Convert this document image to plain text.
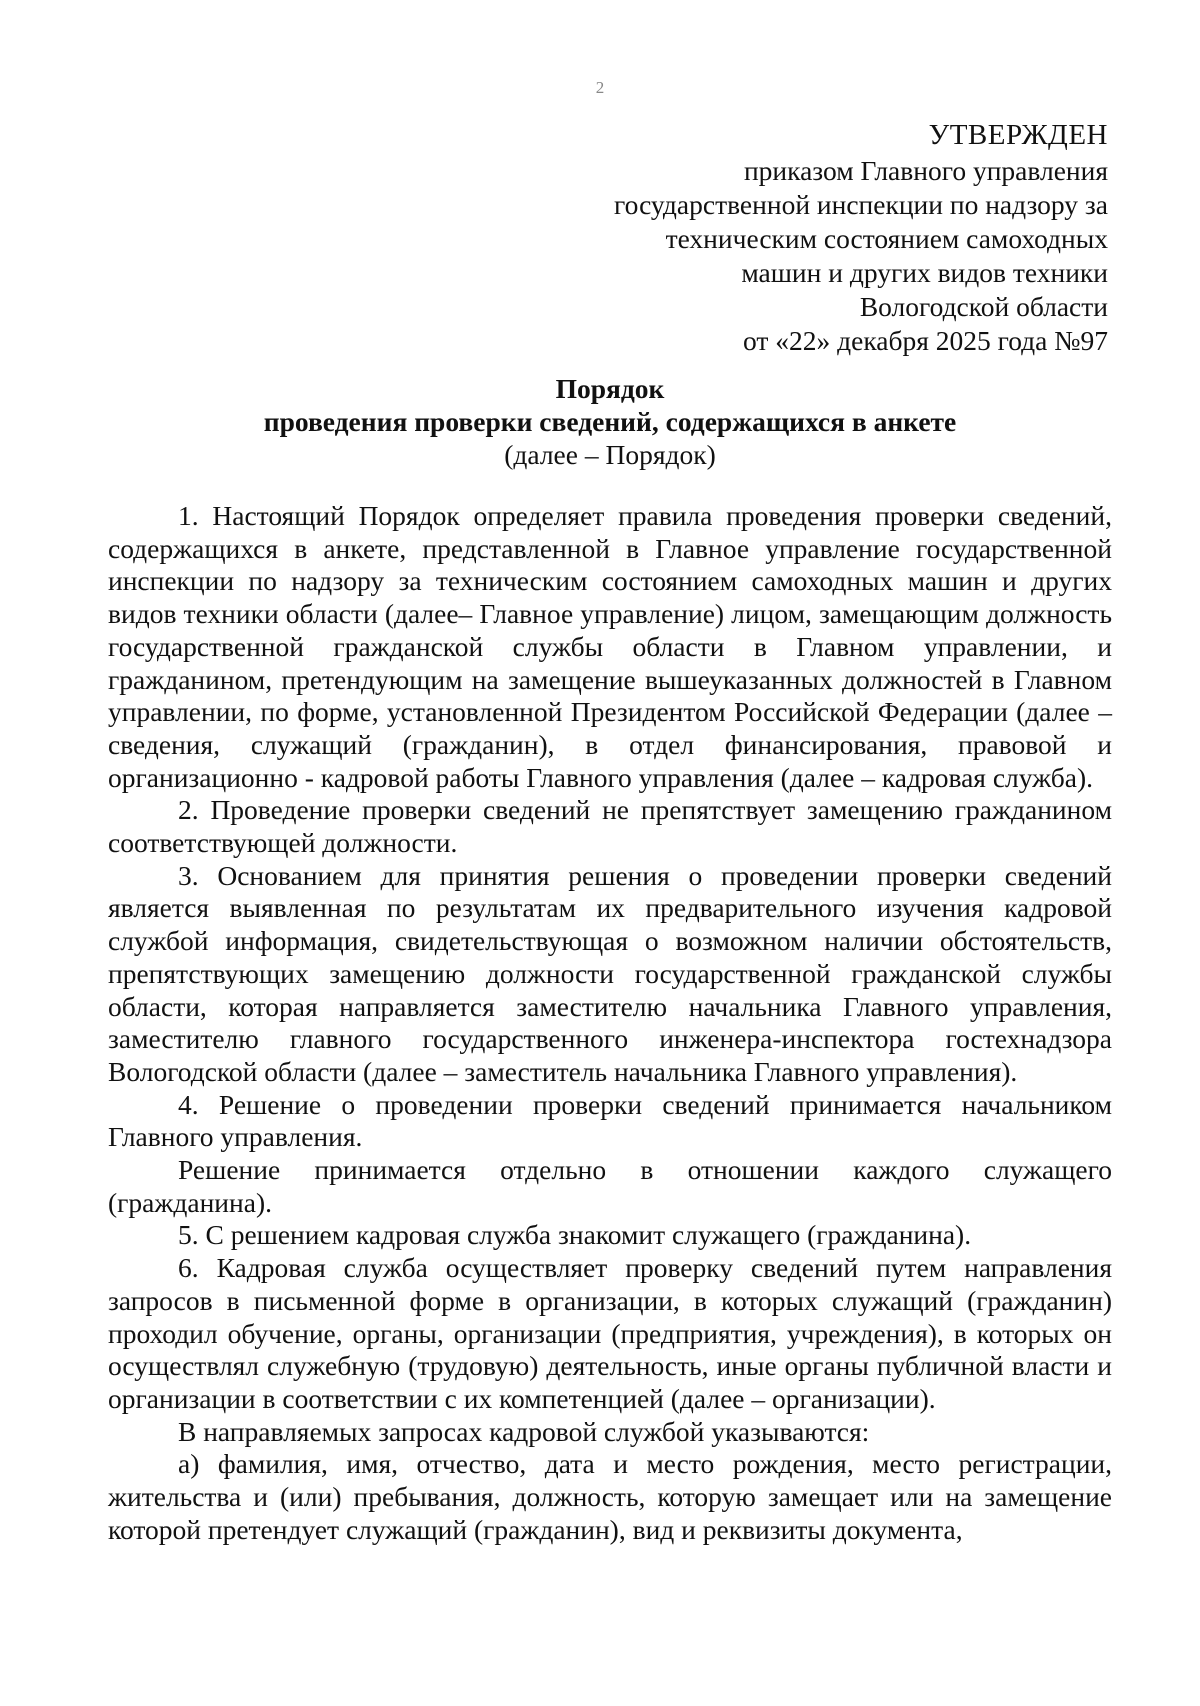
2
УТВЕРЖДЕН
приказом Главного управления
государственной инспекции по надзору за
техническим состоянием самоходных
машин и других видов техники
Вологодской области
от «22» декабря 2025 года №97
Порядок
проведения проверки сведений, содержащихся в анкете
(далее – Порядок)

1. Настоящий Порядок определяет правила проведения проверки сведений, содержащихся в анкете, представленной в Главное управление государственной инспекции по надзору за техническим состоянием самоходных машин и других видов техники области (далее– Главное управление) лицом, замещающим должность государственной гражданской службы области в Главном управлении, и гражданином, претендующим на замещение вышеуказанных должностей в Главном управлении, по форме, установленной Президентом Российской Федерации (далее – сведения, служащий (гражданин), в отдел финансирования, правовой и организационно - кадровой работы Главного управления (далее – кадровая служба).

2. Проведение проверки сведений не препятствует замещению гражданином соответствующей должности.

3. Основанием для принятия решения о проведении проверки сведений является выявленная по результатам их предварительного изучения кадровой службой информация, свидетельствующая о возможном наличии обстоятельств, препятствующих замещению должности государственной гражданской службы области, которая направляется заместителю начальника Главного управления, заместителю главного государственного инженера-инспектора гостехнадзора Вологодской области (далее – заместитель начальника Главного управления).

4. Решение о проведении проверки сведений принимается начальником Главного управления.

Решение принимается отдельно в отношении каждого служащего (гражданина).

5. С решением кадровая служба знакомит служащего (гражданина).

6. Кадровая служба осуществляет проверку сведений путем направления запросов в письменной форме в организации, в которых служащий (гражданин) проходил обучение, органы, организации (предприятия, учреждения), в которых он осуществлял служебную (трудовую) деятельность, иные органы публичной власти и организации в соответствии с их компетенцией (далее – организации).

В направляемых запросах кадровой службой указываются:

а) фамилия, имя, отчество, дата и место рождения, место регистрации, жительства и (или) пребывания, должность, которую замещает или на замещение которой претендует служащий (гражданин), вид и реквизиты документа,
